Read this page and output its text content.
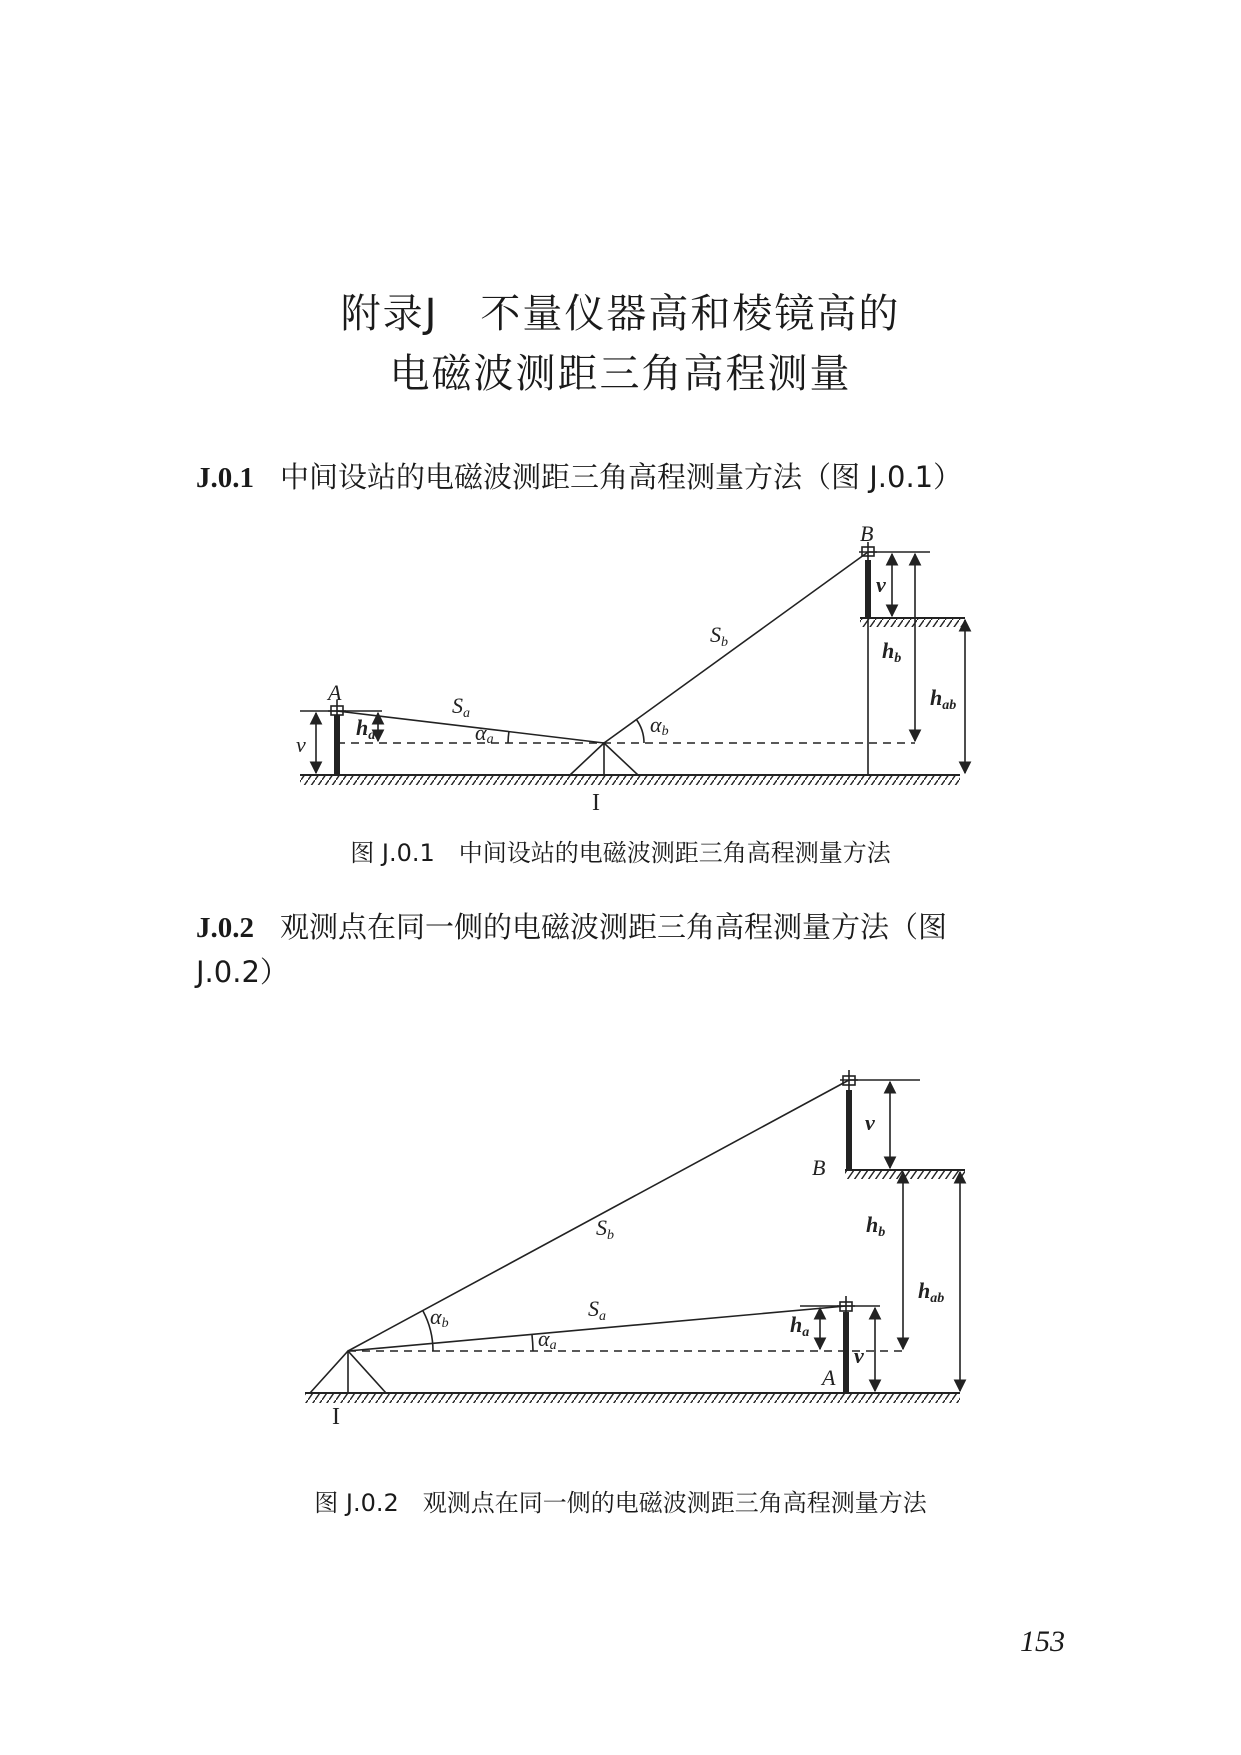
附录J　不量仪器高和棱镜高的
电磁波测距三角高程测量
J.0.1 中间设站的电磁波测距三角高程测量方法（图 J.0.1）
A
B
I
v
v
ha
Sa
Sb
αa
αb
hb
hab
B
A
I
v
v
ha
Sa
Sb
αa
αb
hb
hab
图 J.0.1　中间设站的电磁波测距三角高程测量方法
J.0.2 观测点在同一侧的电磁波测距三角高程测量方法（图
J.0.2）
图 J.0.2　观测点在同一侧的电磁波测距三角高程测量方法
153
